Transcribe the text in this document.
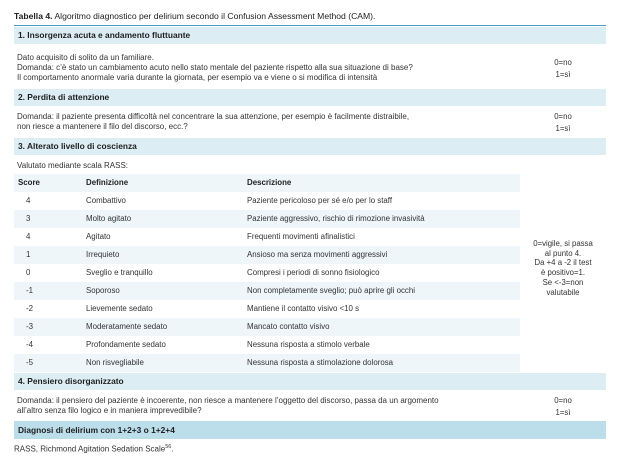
Tabella 4. Algoritmo diagnostico per delirium secondo il Confusion Assessment Method (CAM).
1. Insorgenza acuta e andamento fluttuante
Dato acquisito di solito da un familiare.
Domanda: c’è stato un cambiamento acuto nello stato mentale del paziente rispetto alla sua situazione di base?
Il comportamento anormale varia durante la giornata, per esempio va e viene o si modifica di intensità
0=no
1=sì
2. Perdita di attenzione
Domanda: il paziente presenta difficoltà nel concentrare la sua attenzione, per esempio è facilmente distraibile,
non riesce a mantenere il filo del discorso, ecc.?
0=no
1=sì
3. Alterato livello di coscienza
Valutato mediante scala RASS:
Score	Definizione	Descrizione
4	Combattivo	Paziente pericoloso per sé e/o per lo staff
3	Molto agitato	Paziente aggressivo, rischio di rimozione invasività
4	Agitato	Frequenti movimenti afinalistici
1	Irrequieto	Ansioso ma senza movimenti aggressivi
0	Sveglio e tranquillo	Compresi i periodi di sonno fisiologico
-1	Soporoso	Non completamente sveglio; può aprire gli occhi
-2	Lievemente sedato	Mantiene il contatto visivo <10 s
-3	Moderatamente sedato	Mancato contatto visivo
-4	Profondamente sedato	Nessuna risposta a stimolo verbale
-5	Non risvegliabile	Nessuna risposta a stimolazione dolorosa
0=vigile, si passa
al punto 4.
Da +4 a -2 il test
è positivo=1.
Se <-3=non
valutabile
4. Pensiero disorganizzato
Domanda: il pensiero del paziente è incoerente, non riesce a mantenere l’oggetto del discorso, passa da un argomento
all’altro senza filo logico e in maniera imprevedibile?
0=no
1=sì
Diagnosi di delirium con 1+2+3 o 1+2+4
RASS, Richmond Agitation Sedation Scale$^{56}$.
